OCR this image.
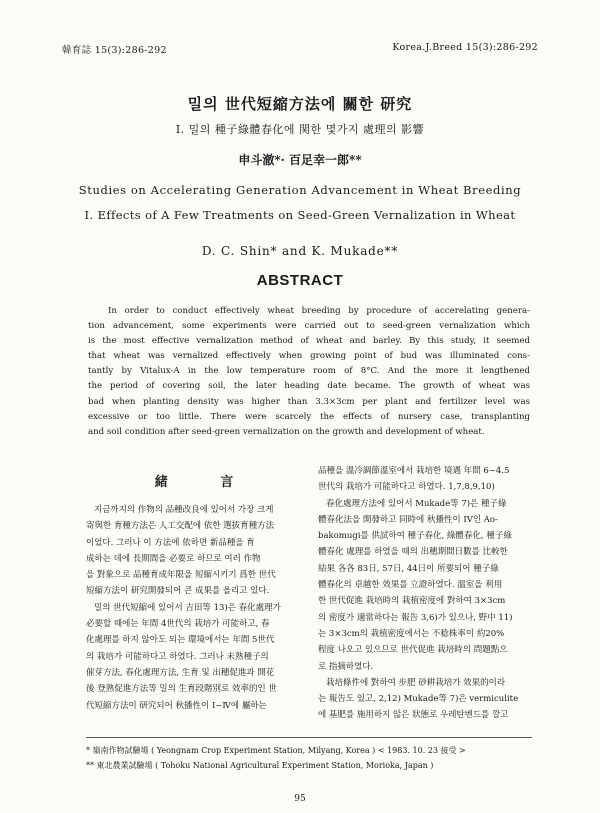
韓育誌 15(3):286-292	Korea.J.Breed 15(3):286-292
밀의 世代短縮方法에 關한 研究
I. 밀의 種子綠體春化에 関한 몇가지 處理의 影響
申斗澈*· 百足幸一郎**
Studies on Accelerating Generation Advancement in Wheat Breeding
I. Effects of A Few Treatments on Seed-Green Vernalization in Wheat
D. C. Shin* and K. Mukade**
ABSTRACT
In order to conduct effectively wheat breeding by procedure of accerelating genera-
tion advancement, some experiments were carried out to seed-green vernalization which
is the most effective vernalization method of wheat and barley. By this study, it seemed
that wheat was vernalized effectively when growing point of bud was illuminated cons-
tantly by Vitalux-A in the low temperature room of 8°C. And the more it lengthened
the period of covering soil, the later heading date became. The growth of wheat was
bad when planting density was higher than 3.3×3cm per plant and fertilizer level was
excessive or too little. There were scarcely the effects of nursery case, transplanting
and soil condition after seed-green vernalization on the growth and development of wheat.
緒 言
지금까지의 作物의 品種改良에 있어서 가장 크게
寄與한 育種方法은 人工交配에 依한 選拔育種方法
이었다. 그러나 이 方法에 依하면 新品種을 育
成하는 데에 長期間을 必要로 하므로 여러 作物
을 對象으로 品種育成年限을 短縮시키기 爲한 世代
短縮方法이 研究開發되어 큰 成果를 올리고 있다.
밀의 世代短縮에 있어서 吉田等 13)은 春化處理가
必要할 때에는 年間 4世代의 栽培가 可能하고, 春
化處理를 하지 않아도 되는 環境에서는 年間 5世代
의 栽培가 可能하다고 하였다. 그러나 未熟種子의
催芽方法, 春化處理方法, 生育 및 出穗促進과 開花
後 登熟促進方法等 밀의 生育段階別로 效率的인 世
代短縮方法이 研究되어 秋播性이 Ⅰ~Ⅳ에 屬하는
品種을 溫冷調節溫室에서 栽培한 境遇 年間 6~4.5
世代의 栽培가 可能하다고 하였다. 1,7,8,9,10)
春化處理方法에 있어서 Mukade等 7)은 種子綠
體春化法을 開發하고 同時에 秋播性이 IV인 Ao-
bakomugi를 供試하여 種子春化, 綠體春化, 種子綠
體春化 處理를 하였을 때의 出穗期間日數를 比較한
結果 各各 83日, 57日, 44日이 所要되어 種子綠
體春化의 卓越한 效果를 立證하였다. 溫室을 利用
한 世代促進 栽培時의 栽植密度에 對하여 3×3cm
의 密度가 適當하다는 報告 3,6)가 있으나, 野中 11)
는 3×3cm의 栽植密度에서는 不稔株率이 約20%
程度 나오고 있으므로 世代促進 栽培時의 問題點으
로 指摘하였다.
栽培條件에 對하여 步肥 砂耕栽培가 效果的이라
는 報告도 있고, 2,12) Mukade等 7)은 vermiculite
에 基肥를 施用하지 않은 狀態로 우레탄벤드를 깔고
* 嶺南作物試驗場 ( Yeongnam Crop Experiment Station, Milyang, Korea ) < 1983. 10. 23 接受 >
** 東北農業試驗場 ( Tohoku National Agricultural Experiment Station, Morioka, Japan )
95
